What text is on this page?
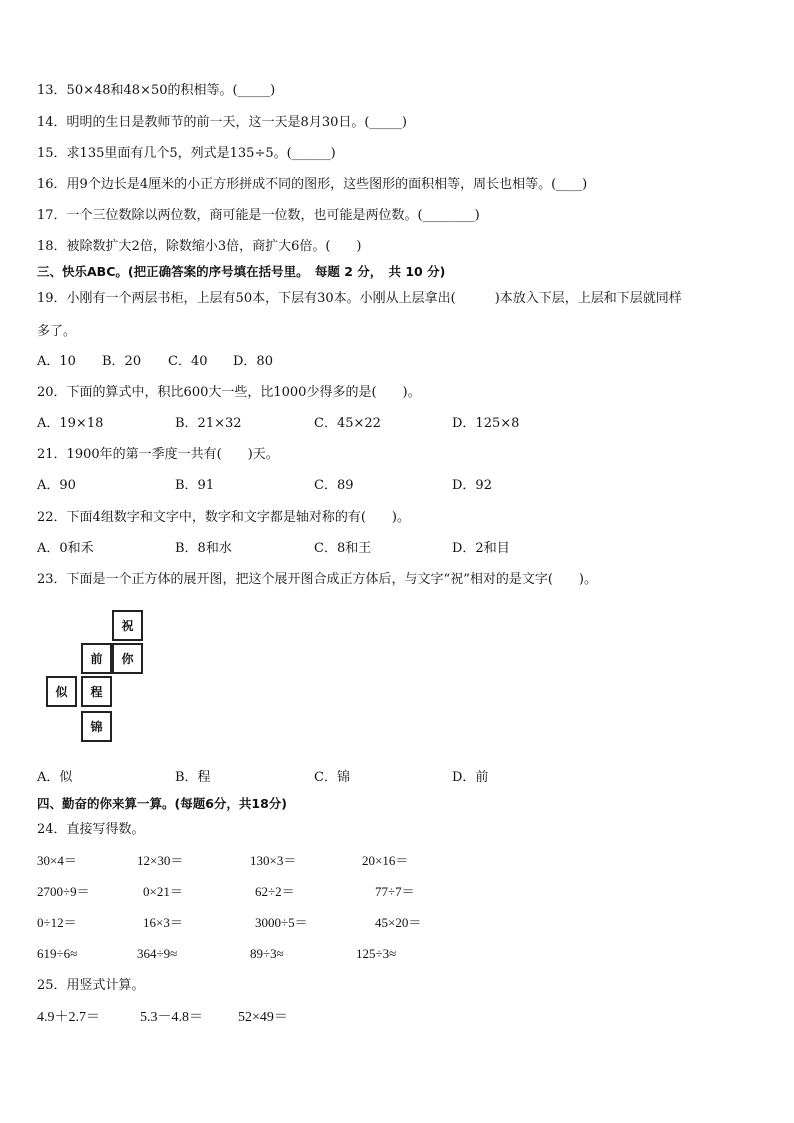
13．50×48和48×50的积相等。(_____)
14．明明的生日是教师节的前一天，这一天是8月30日。(_____)
15．求135里面有几个5，列式是135÷5。(______)
16．用9个边长是4厘米的小正方形拼成不同的图形，这些图形的面积相等，周长也相等。(____)
17．一个三位数除以两位数，商可能是一位数，也可能是两位数。(________)
18．被除数扩大2倍，除数缩小3倍，商扩大6倍。(　　)
三、快乐ABC。(把正确答案的序号填在括号里。　每题 2 分，　共 10 分)
19．小刚有一个两层书柜，上层有50本，下层有30本。小刚从上层拿出(　　　)本放入下层，上层和下层就同样
多了。
A．10 B．20 C．40 D．80
20．下面的算式中，积比600大一些，比1000少得多的是(　　)。
A．19×18	B．21×32	C．45×22	D．125×8
21．1900年的第一季度一共有(　　)天。
A．90	B．91	C．89	D．92
22．下面4组数字和文字中，数字和文字都是轴对称的有(　　)。
A．0和禾	B．8和水	C．8和王	D．2和目
23．下面是一个正方体的展开图，把这个展开图合成正方体后，与文字“祝”相对的是文字(　　)。
祝
前	你
似	程
锦
A．似	B．程	C．锦	D．前
四、勤奋的你来算一算。(每题6分，共18分)
24．直接写得数。
30×4＝	12×30＝	130×3＝	20×16＝
2700÷9＝	0×21＝	62÷2＝	77÷7＝
0÷12＝	16×3＝	3000÷5＝	45×20＝
619÷6≈	364÷9≈	89÷3≈	125÷3≈
25．用竖式计算。
4.9＋2.7＝	5.3－4.8＝	52×49＝
